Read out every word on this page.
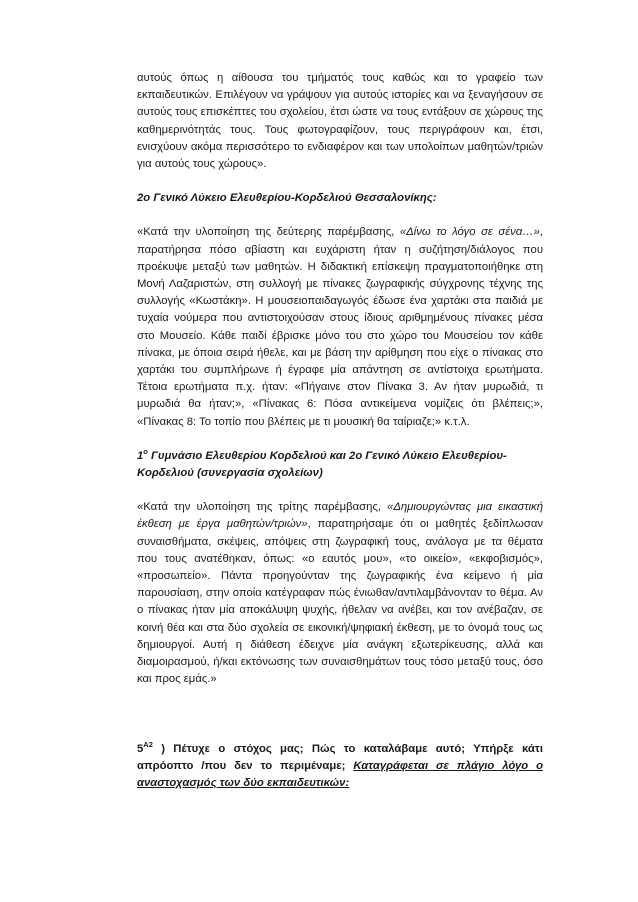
αυτούς όπως η αίθουσα του τμήματός τους καθώς και το γραφείο των εκπαιδευτικών. Επιλέγουν να γράψουν για αυτούς ιστορίες και να ξεναγήσουν σε αυτούς τους επισκέπτες του σχολείου, έτσι ώστε να τους εντάξουν σε χώρους της καθημερινότητάς τους. Τους φωτογραφίζουν, τους περιγράφουν και, έτσι, ενισχύουν ακόμα περισσότερο το ενδιαφέρον και των υπολοίπων μαθητών/τριών για αυτούς τους χώρους».

2ο Γενικό Λύκειο Ελευθερίου-Κορδελιού Θεσσαλονίκης:

«Κατά την υλοποίηση της δεύτερης παρέμβασης, «Δίνω το λόγο σε σένα…», παρατήρησα πόσο αβίαστη και ευχάριστη ήταν η συζήτηση/διάλογος που προέκυψε μεταξύ των μαθητών. Η διδακτική επίσκεψη πραγματοποιήθηκε στη Μονή Λαζαριστών, στη συλλογή με πίνακες ζωγραφικής σύγχρονης τέχνης της συλλογής «Κωστάκη». Η μουσειοπαιδαγωγός έδωσε ένα χαρτάκι στα παιδιά με τυχαία νούμερα που αντιστοιχούσαν στους ίδιους αριθμημένους πίνακες μέσα στο Μουσείο. Κάθε παιδί έβρισκε μόνο του στο χώρο του Μουσείου τον κάθε πίνακα, με όποια σειρά ήθελε, και με βάση την αρίθμηση που είχε ο πίνακας στο χαρτάκι του συμπλήρωνε ή έγραφε μία απάντηση σε αντίστοιχα ερωτήματα. Τέτοια ερωτήματα π.χ. ήταν: «Πήγαινε στον Πίνακα 3. Αν ήταν μυρωδιά, τι μυρωδιά θα ήταν;», «Πίνακας 6: Πόσα αντικείμενα νομίζεις ότι βλέπεις;», «Πίνακας 8: Το τοπίο που βλέπεις με τι μουσική θα ταίριαζε;» κ.τ.λ.

$1^o$ Γυμνάσιο Ελευθερίου Κορδελιού και 2ο Γενικό Λύκειο Ελευθερίου-Κορδελιού (συνεργασία σχολείων)

«Κατά την υλοποίηση της τρίτης παρέμβασης, «Δημιουργώντας μια εικαστική έκθεση με έργα μαθητών/τριών», παρατηρήσαμε ότι οι μαθητές ξεδίπλωσαν συναισθήματα, σκέψεις, απόψεις στη ζωγραφική τους, ανάλογα με τα θέματα που τους ανατέθηκαν, όπως: «ο εαυτός μου», «το οικείο», «εκφοβισμός», «προσωπείο». Πάντα προηγούνταν της ζωγραφικής ένα κείμενο ή μία παρουσίαση, στην οποία κατέγραφαν πώς ένιωθαν/αντιλαμβάνονταν το θέμα. Αν ο πίνακας ήταν μία αποκάλυψη ψυχής, ήθελαν να ανέβει, και τον ανέβαζαν, σε κοινή θέα και στα δύο σχολεία σε εικονική/ψηφιακή έκθεση, με το όνομά τους ως δημιουργοί. Αυτή η διάθεση έδειχνε μία ανάγκη εξωτερίκευσης, αλλά και διαμοιρασμού, ή/και εκτόνωσης των συναισθημάτων τους τόσο μεταξύ τους, όσο και προς εμάς.»

$5^{A2}$ ) Πέτυχε ο στόχος μας; Πώς το καταλάβαμε αυτό; Υπήρξε κάτι απρόοπτο /που δεν το περιμέναμε; Καταγράφεται σε πλάγιο λόγο ο αναστοχασμός των δύο εκπαιδευτικών:
